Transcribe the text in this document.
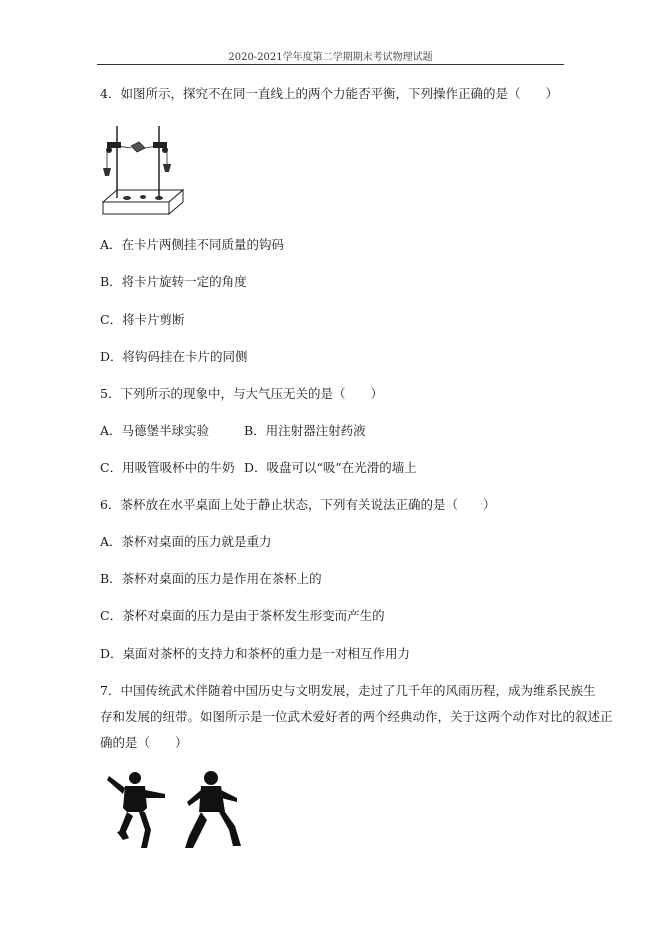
2020-2021学年度第二学期期末考试物理试题
4．如图所示，探究不在同一直线上的两个力能否平衡，下列操作正确的是（　　）
A．在卡片两侧挂不同质量的钩码
B．将卡片旋转一定的角度
C．将卡片剪断
D．将钩码挂在卡片的同侧
5．下列所示的现象中，与大气压无关的是（　　）
A．马德堡半球实验	B．用注射器注射药液
C．用吸管吸杯中的牛奶 D．吸盘可以“吸”在光滑的墙上
6．茶杯放在水平桌面上处于静止状态，下列有关说法正确的是（　　）
A．茶杯对桌面的压力就是重力
B．茶杯对桌面的压力是作用在茶杯上的
C．茶杯对桌面的压力是由于茶杯发生形变而产生的
D．桌面对茶杯的支持力和茶杯的重力是一对相互作用力
7．中国传统武术伴随着中国历史与文明发展，走过了几千年的风雨历程，成为维系民族生
存和发展的纽带。如图所示是一位武术爱好者的两个经典动作，关于这两个动作对比的叙述正
确的是（　　）
